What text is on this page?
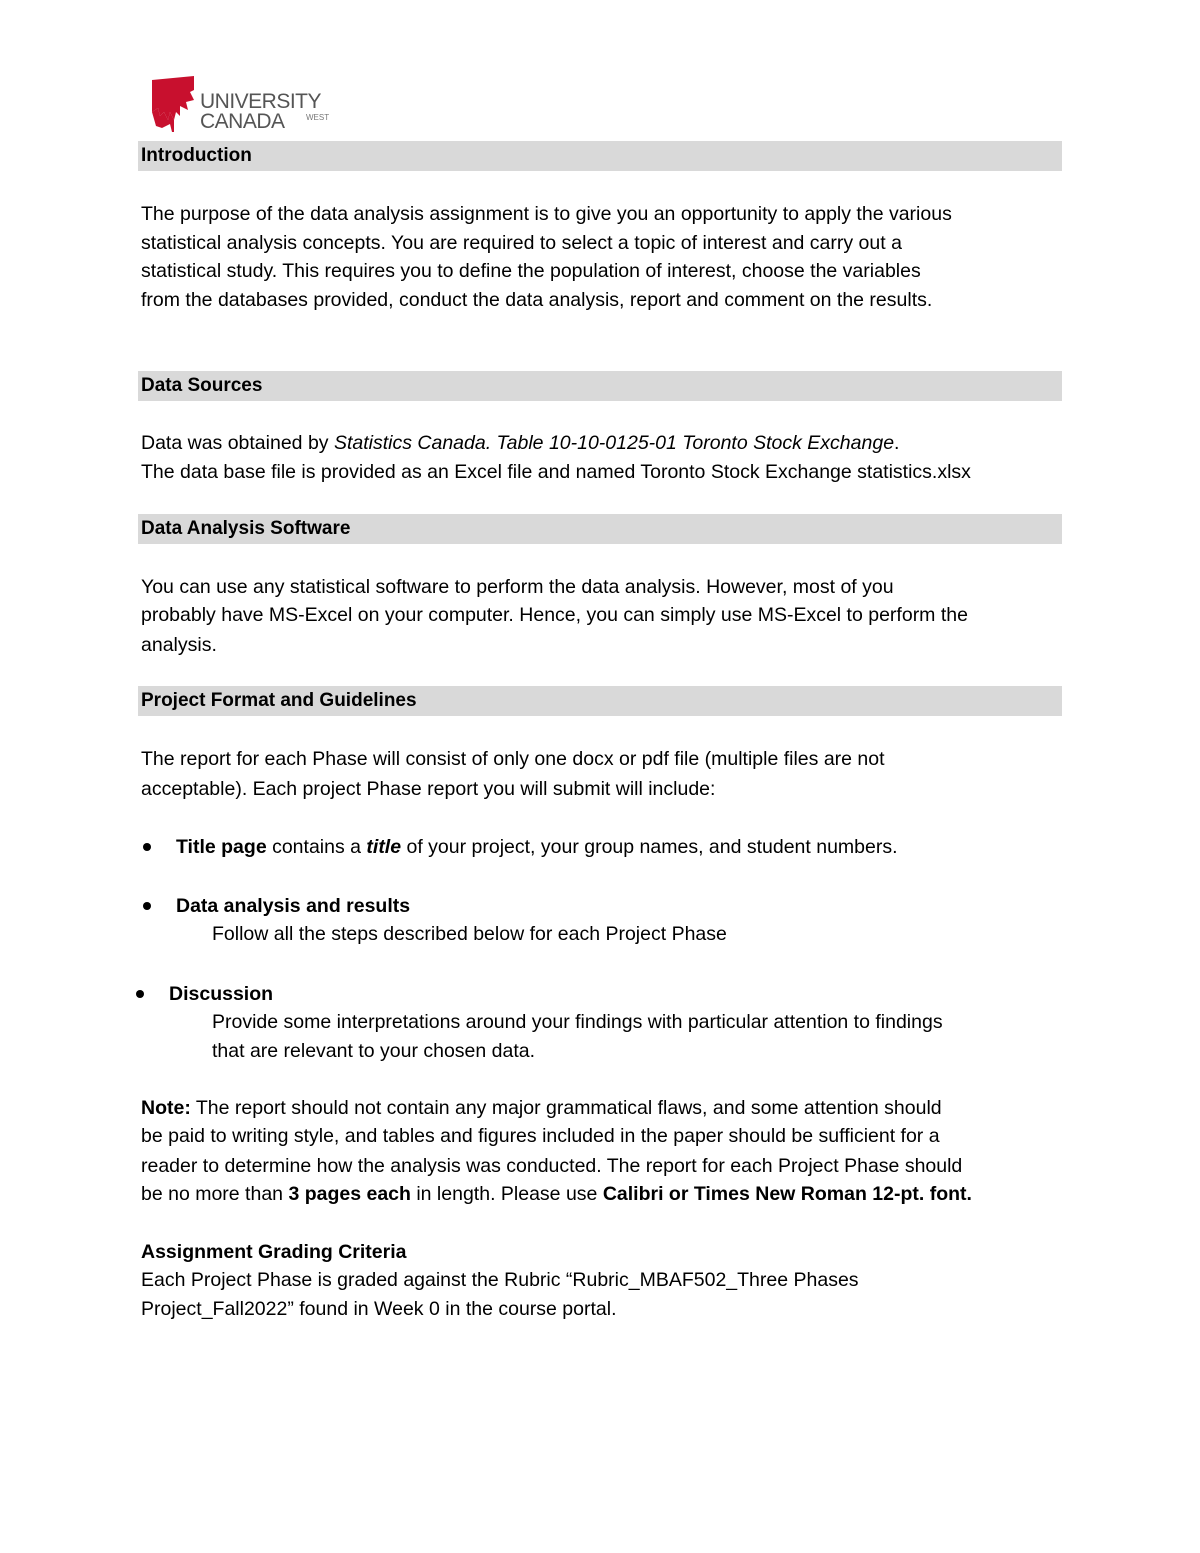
UNIVERSITY
CANADA	WEST
Introduction
The purpose of the data analysis assignment is to give you an opportunity to apply the various
statistical analysis concepts. You are required to select a topic of interest and carry out a
statistical study. This requires you to define the population of interest, choose the variables
from the databases provided, conduct the data analysis, report and comment on the results.
Data Sources
Data was obtained by Statistics Canada. Table 10-10-0125-01 Toronto Stock Exchange.
The data base file is provided as an Excel file and named Toronto Stock Exchange statistics.xlsx
Data Analysis Software
You can use any statistical software to perform the data analysis. However, most of you
probably have MS-Excel on your computer. Hence, you can simply use MS-Excel to perform the
analysis.
Project Format and Guidelines
The report for each Phase will consist of only one docx or pdf file (multiple files are not
acceptable). Each project Phase report you will submit will include:
Title page contains a title of your project, your group names, and student numbers.
Data analysis and results
Follow all the steps described below for each Project Phase
Discussion
Provide some interpretations around your findings with particular attention to findings
that are relevant to your chosen data.
Note: The report should not contain any major grammatical flaws, and some attention should
be paid to writing style, and tables and figures included in the paper should be sufficient for a
reader to determine how the analysis was conducted. The report for each Project Phase should
be no more than 3 pages each in length. Please use Calibri or Times New Roman 12-pt. font.
Assignment Grading Criteria
Each Project Phase is graded against the Rubric “Rubric_MBAF502_Three Phases
Project_Fall2022” found in Week 0 in the course portal.
